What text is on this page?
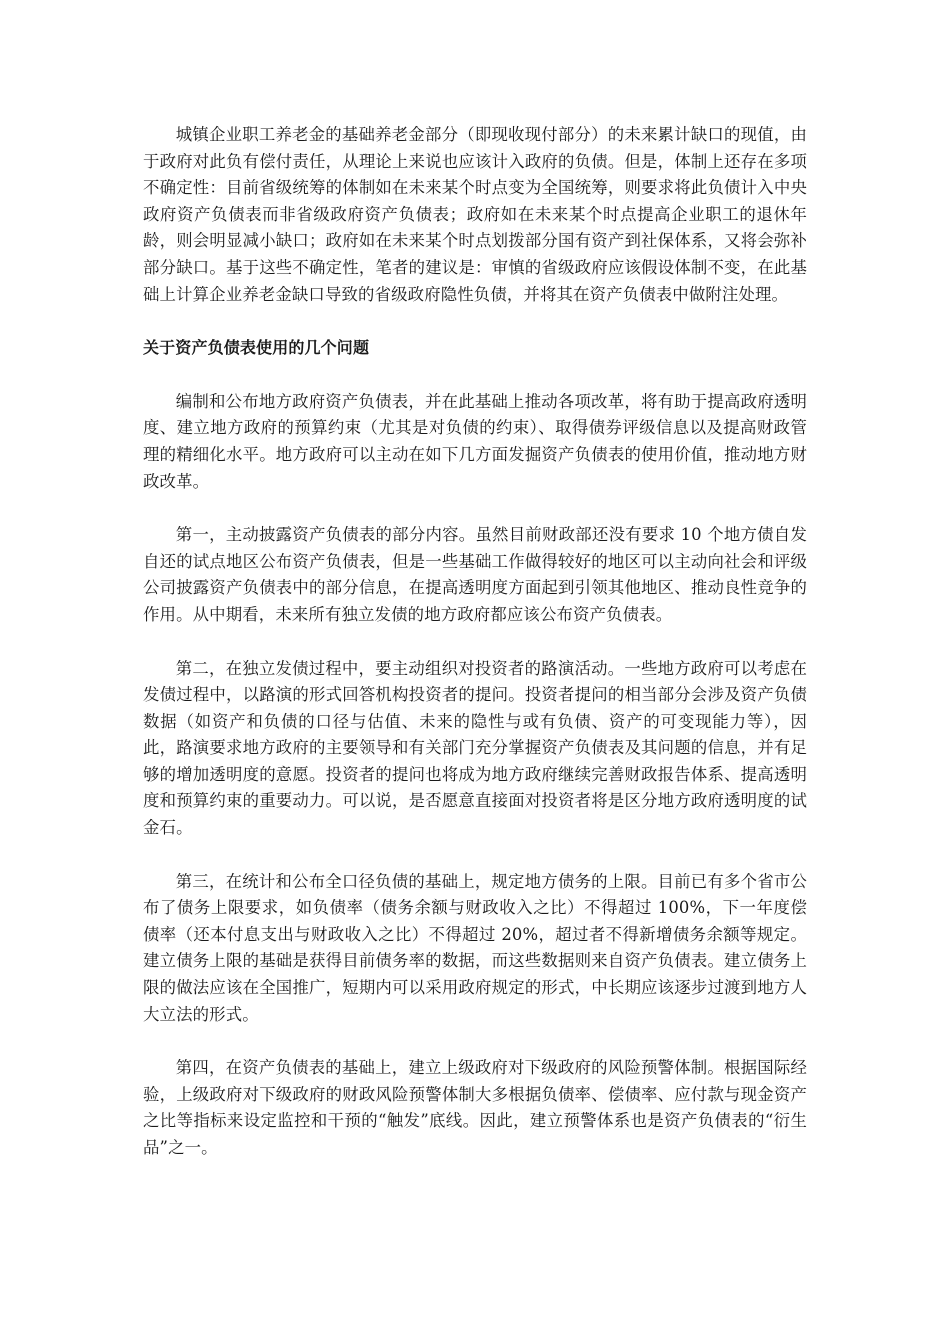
城镇企业职工养老金的基础养老金部分（即现收现付部分）的未来累计缺口的现值，由于政府对此负有偿付责任，从理论上来说也应该计入政府的负债。但是，体制上还存在多项不确定性：目前省级统筹的体制如在未来某个时点变为全国统筹，则要求将此负债计入中央政府资产负债表而非省级政府资产负债表；政府如在未来某个时点提高企业职工的退休年龄，则会明显减小缺口；政府如在未来某个时点划拨部分国有资产到社保体系，又将会弥补部分缺口。基于这些不确定性，笔者的建议是：审慎的省级政府应该假设体制不变，在此基础上计算企业养老金缺口导致的省级政府隐性负债，并将其在资产负债表中做附注处理。

关于资产负债表使用的几个问题

编制和公布地方政府资产负债表，并在此基础上推动各项改革，将有助于提高政府透明度、建立地方政府的预算约束（尤其是对负债的约束）、取得债券评级信息以及提高财政管理的精细化水平。地方政府可以主动在如下几方面发掘资产负债表的使用价值，推动地方财政改革。

第一，主动披露资产负债表的部分内容。虽然目前财政部还没有要求 10 个地方债自发自还的试点地区公布资产负债表，但是一些基础工作做得较好的地区可以主动向社会和评级公司披露资产负债表中的部分信息，在提高透明度方面起到引领其他地区、推动良性竞争的作用。从中期看，未来所有独立发债的地方政府都应该公布资产负债表。

第二，在独立发债过程中，要主动组织对投资者的路演活动。一些地方政府可以考虑在发债过程中，以路演的形式回答机构投资者的提问。投资者提问的相当部分会涉及资产负债数据（如资产和负债的口径与估值、未来的隐性与或有负债、资产的可变现能力等），因此，路演要求地方政府的主要领导和有关部门充分掌握资产负债表及其问题的信息，并有足够的增加透明度的意愿。投资者的提问也将成为地方政府继续完善财政报告体系、提高透明度和预算约束的重要动力。可以说，是否愿意直接面对投资者将是区分地方政府透明度的试金石。

第三，在统计和公布全口径负债的基础上，规定地方债务的上限。目前已有多个省市公布了债务上限要求，如负债率（债务余额与财政收入之比）不得超过 100%，下一年度偿债率（还本付息支出与财政收入之比）不得超过 20%，超过者不得新增债务余额等规定。建立债务上限的基础是获得目前债务率的数据，而这些数据则来自资产负债表。建立债务上限的做法应该在全国推广，短期内可以采用政府规定的形式，中长期应该逐步过渡到地方人大立法的形式。

第四，在资产负债表的基础上，建立上级政府对下级政府的风险预警体制。根据国际经验，上级政府对下级政府的财政风险预警体制大多根据负债率、偿债率、应付款与现金资产之比等指标来设定监控和干预的“触发”底线。因此，建立预警体系也是资产负债表的“衍生品”之一。
